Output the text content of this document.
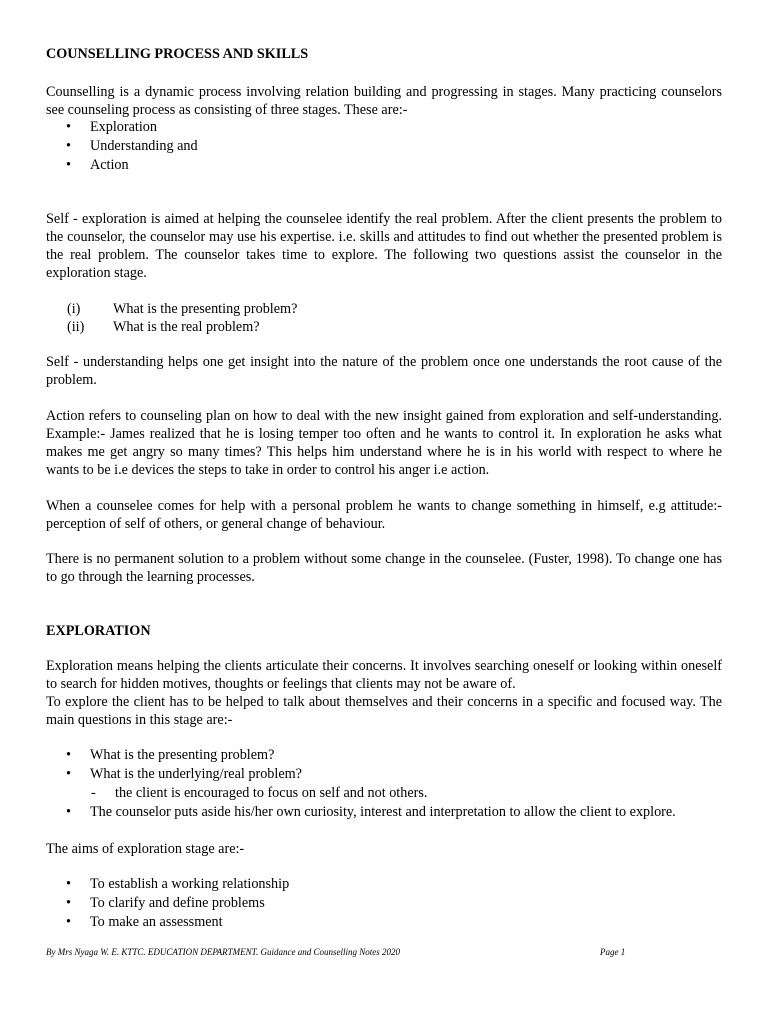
COUNSELLING PROCESS AND SKILLS

Counselling is a dynamic process involving relation building and progressing in stages. Many practicing counselors see counseling process as consisting of three stages. These are:-

• Exploration
• Understanding and
• Action

Self - exploration is aimed at helping the counselee identify the real problem. After the client presents the problem to the counselor, the counselor may use his expertise. i.e. skills and attitudes to find out whether the presented problem is the real problem. The counselor takes time to explore. The following two questions assist the counselor in the exploration stage.

(i) What is the presenting problem?
(ii) What is the real problem?

Self - understanding helps one get insight into the nature of the problem once one understands the root cause of the problem.

Action refers to counseling plan on how to deal with the new insight gained from exploration and self-understanding. Example:- James realized that he is losing temper too often and he wants to control it. In exploration he asks what makes me get angry so many times? This helps him understand where he is in his world with respect to where he wants to be i.e devices the steps to take in order to control his anger i.e action.

When a counselee comes for help with a personal problem he wants to change something in himself, e.g attitude:- perception of self of others, or general change of behaviour.

There is no permanent solution to a problem without some change in the counselee. (Fuster, 1998). To change one has to go through the learning processes.

EXPLORATION

Exploration means helping the clients articulate their concerns. It involves searching oneself or looking within oneself to search for hidden motives, thoughts or feelings that clients may not be aware of.

To explore the client has to be helped to talk about themselves and their concerns in a specific and focused way. The main questions in this stage are:-

• What is the presenting problem?
• What is the underlying/real problem?
- the client is encouraged to focus on self and not others.
• The counselor puts aside his/her own curiosity, interest and interpretation to allow the client to explore.

The aims of exploration stage are:-

• To establish a working relationship
• To clarify and define problems
• To make an assessment
By Mrs Nyaga W. E. KTTC. EDUCATION DEPARTMENT. Guidance and Counselling Notes 2020	Page 1
